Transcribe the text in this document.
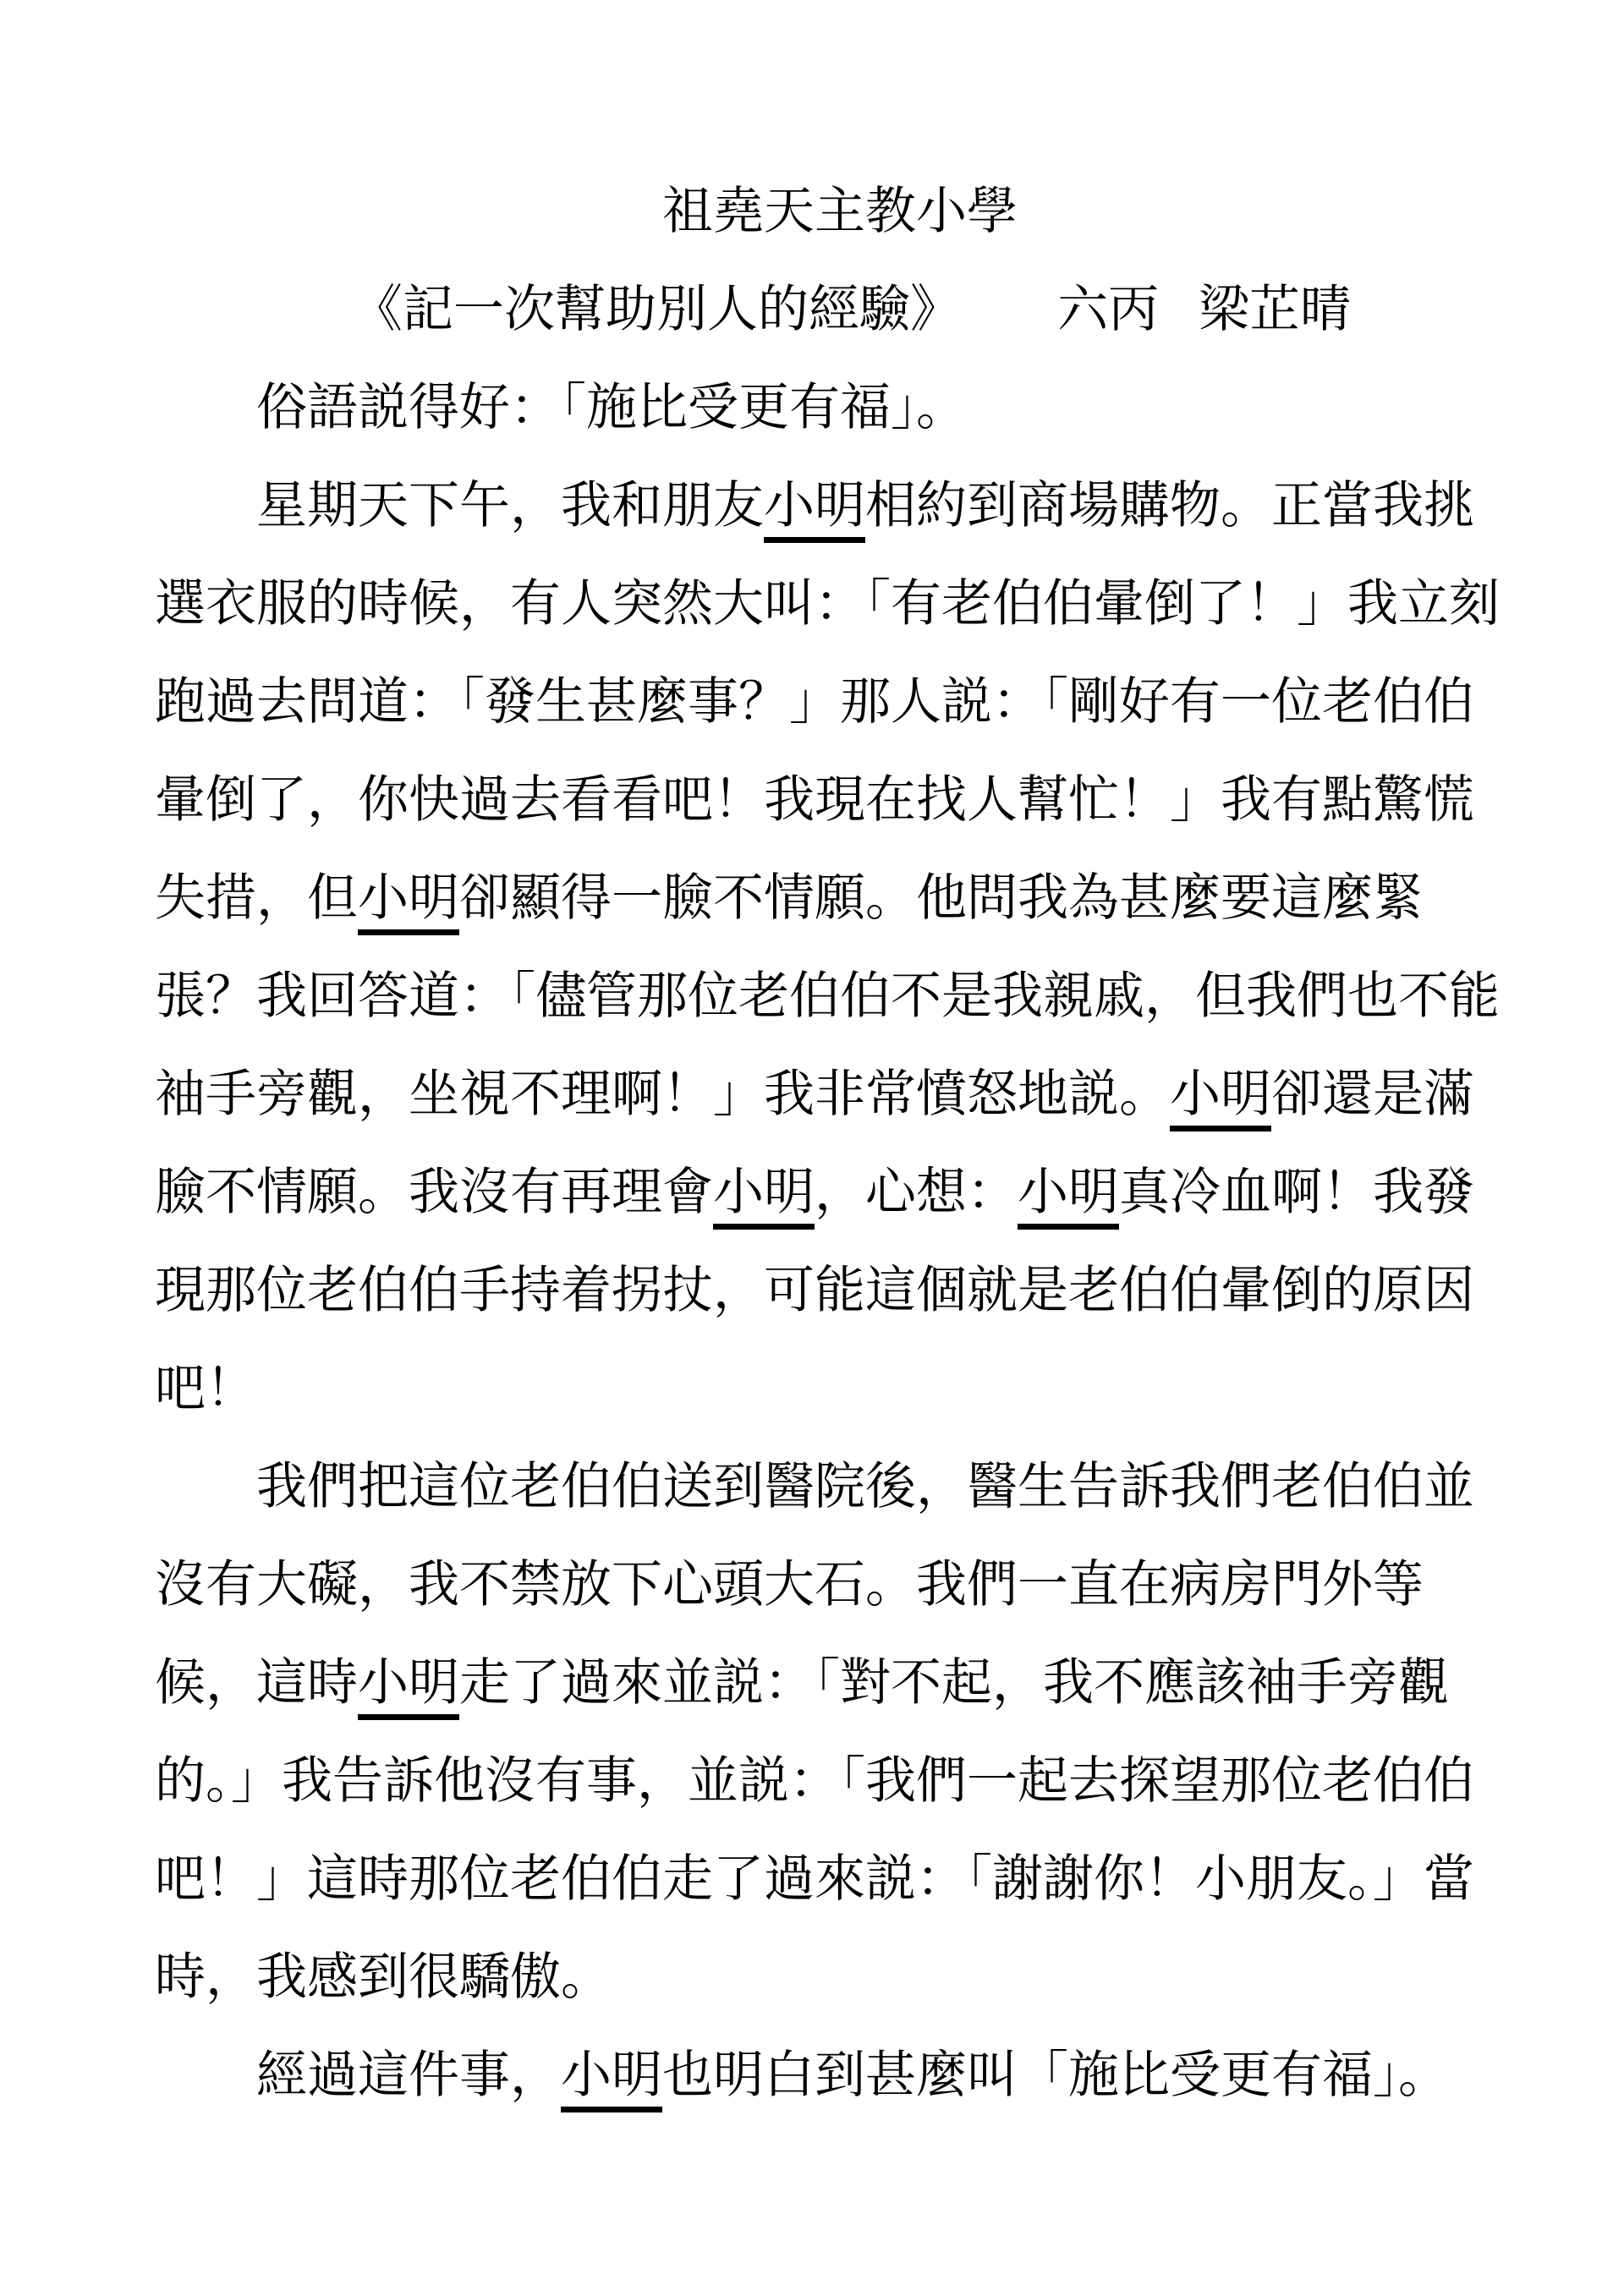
祖堯天主教小學
《記一次幫助別人的經驗》 六丙 梁芷晴
俗語説得好：「施比受更有福」。
星期天下午，我和朋友小明相約到商場購物。正當我挑
選衣服的時候，有人突然大叫：「有老伯伯暈倒了！」我立刻
跑過去問道：「發生甚麼事？」那人説：「剛好有一位老伯伯
暈倒了，你快過去看看吧！我現在找人幫忙！」我有點驚慌
失措，但小明卻顯得一臉不情願。他問我為甚麼要這麼緊
張？我回答道：「儘管那位老伯伯不是我親戚，但我們也不能
袖手旁觀，坐視不理啊！」我非常憤怒地説。小明卻還是滿
臉不情願。我沒有再理會小明，心想：小明真冷血啊！我發
現那位老伯伯手持着拐扙，可能這個就是老伯伯暈倒的原因
吧！
我們把這位老伯伯送到醫院後，醫生告訴我們老伯伯並
沒有大礙，我不禁放下心頭大石。我們一直在病房門外等
候，這時小明走了過來並説：「對不起，我不應該袖手旁觀
的。」我告訴他沒有事，並説：「我們一起去探望那位老伯伯
吧！」這時那位老伯伯走了過來説：「謝謝你！小朋友。」當
時，我感到很驕傲。
經過這件事，小明也明白到甚麼叫「施比受更有福」。
